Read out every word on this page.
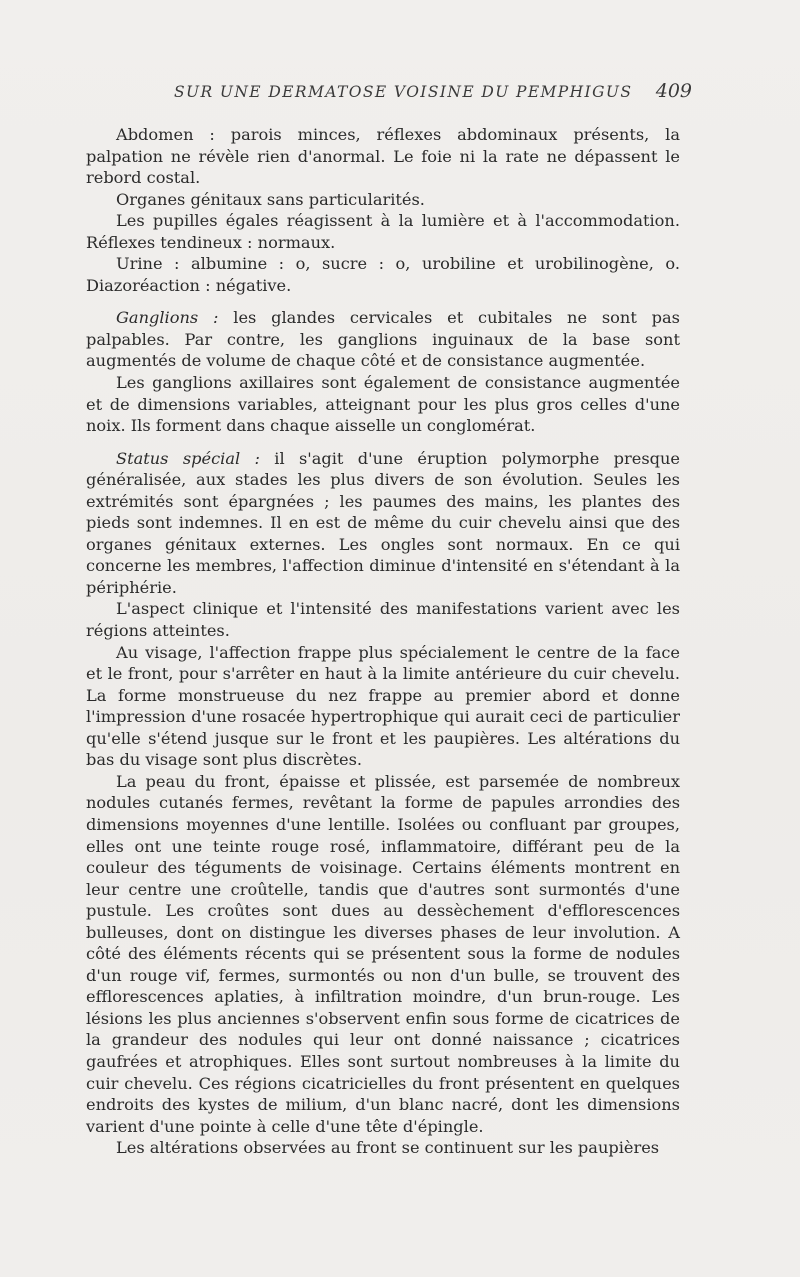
SUR UNE DERMATOSE VOISINE DU PEMPHIGUS 409

Abdomen : parois minces, réflexes abdominaux présents, la palpation ne révèle rien d'anormal. Le foie ni la rate ne dépassent le rebord costal.

Organes génitaux sans particularités.

Les pupilles égales réagissent à la lumière et à l'accommodation. Réflexes tendineux : normaux.

Urine : albumine : o, sucre : o, urobiline et urobilinogène, o. Diazoréaction : négative.

Ganglions : les glandes cervicales et cubitales ne sont pas palpables. Par contre, les ganglions inguinaux de la base sont augmentés de volume de chaque côté et de consistance augmentée.

Les ganglions axillaires sont également de consistance augmentée et de dimensions variables, atteignant pour les plus gros celles d'une noix. Ils forment dans chaque aisselle un conglomérat.

Status spécial : il s'agit d'une éruption polymorphe presque généralisée, aux stades les plus divers de son évolution. Seules les extrémités sont épargnées ; les paumes des mains, les plantes des pieds sont indemnes. Il en est de même du cuir chevelu ainsi que des organes génitaux externes. Les ongles sont normaux. En ce qui concerne les membres, l'affection diminue d'intensité en s'étendant à la périphérie.

L'aspect clinique et l'intensité des manifestations varient avec les régions atteintes.

Au visage, l'affection frappe plus spécialement le centre de la face et le front, pour s'arrêter en haut à la limite antérieure du cuir chevelu. La forme monstrueuse du nez frappe au premier abord et donne l'impression d'une rosacée hypertrophique qui aurait ceci de particulier qu'elle s'étend jusque sur le front et les paupières. Les altérations du bas du visage sont plus discrètes.

La peau du front, épaisse et plissée, est parsemée de nombreux nodules cutanés fermes, revêtant la forme de papules arrondies des dimensions moyennes d'une lentille. Isolées ou confluant par groupes, elles ont une teinte rouge rosé, inflammatoire, différant peu de la couleur des téguments de voisinage. Certains éléments montrent en leur centre une croûtelle, tandis que d'autres sont surmontés d'une pustule. Les croûtes sont dues au dessèchement d'efflorescences bulleuses, dont on distingue les diverses phases de leur involution. A côté des éléments récents qui se présentent sous la forme de nodules d'un rouge vif, fermes, surmontés ou non d'un bulle, se trouvent des efflorescences aplaties, à infiltration moindre, d'un brun-rouge. Les lésions les plus anciennes s'observent enfin sous forme de cicatrices de la grandeur des nodules qui leur ont donné naissance ; cicatrices gaufrées et atrophiques. Elles sont surtout nombreuses à la limite du cuir chevelu. Ces régions cicatricielles du front présentent en quelques endroits des kystes de milium, d'un blanc nacré, dont les dimensions varient d'une pointe à celle d'une tête d'épingle.

Les altérations observées au front se continuent sur les paupières
